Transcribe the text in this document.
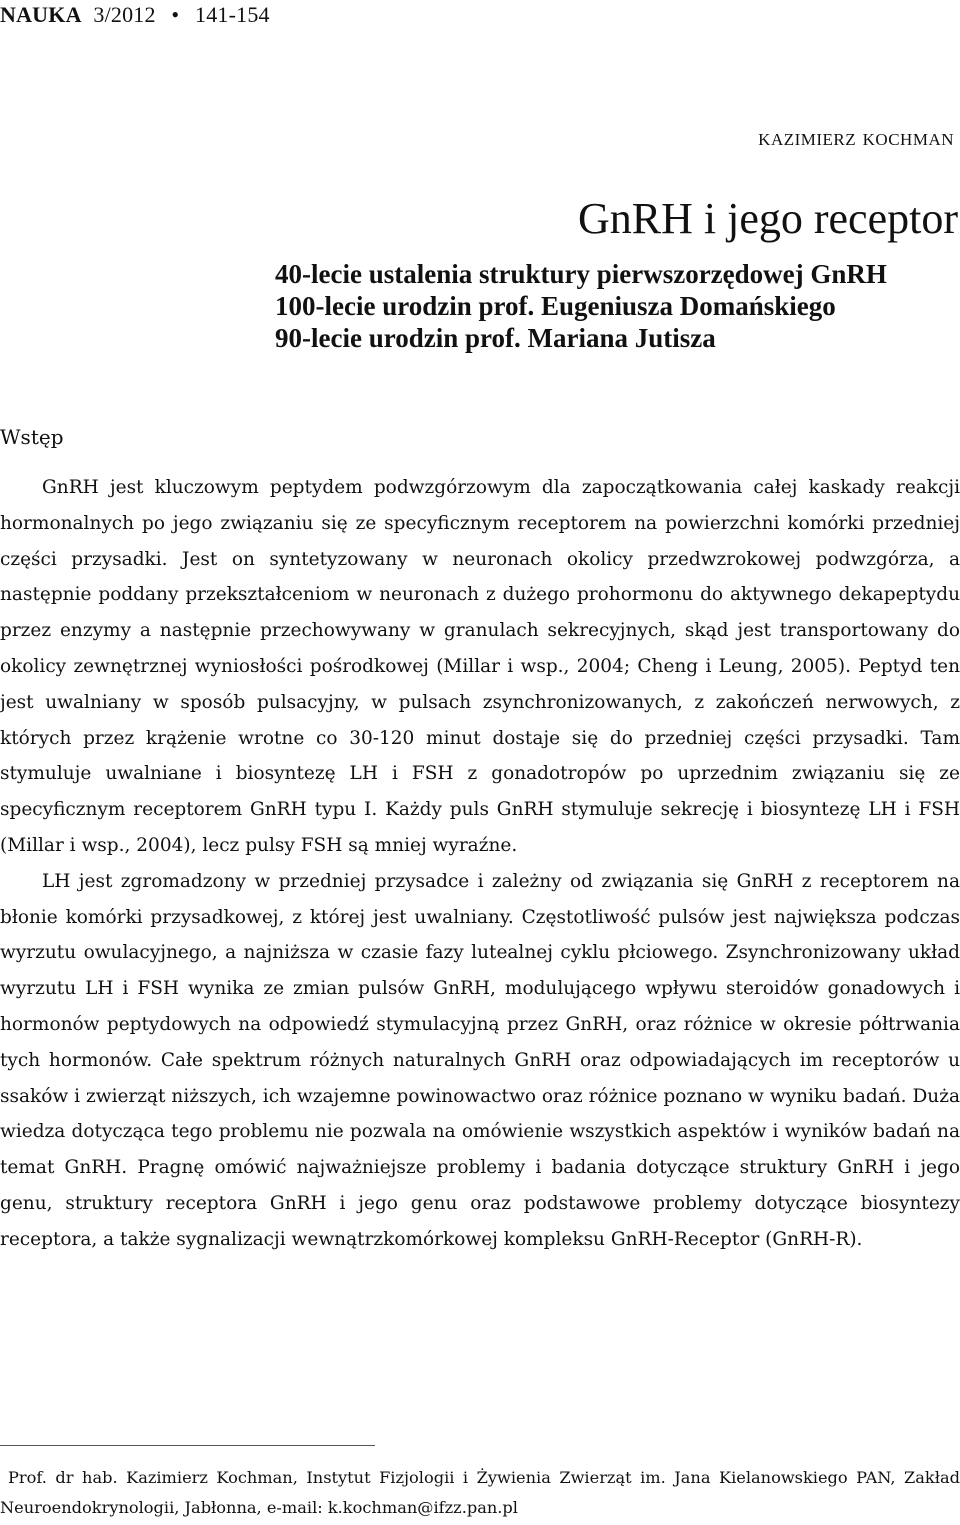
NAUKA 3/2012 • 141-154
kazimierz kochman
GnRH i jego receptor
40-lecie ustalenia struktury pierwszorzędowej GnRH
100-lecie urodzin prof. Eugeniusza Domańskiego
90-lecie urodzin prof. Mariana Jutisza
Wstęp

GnRH jest kluczowym peptydem podwzgórzowym dla zapoczątkowania całej kaskady reakcji hormonalnych po jego związaniu się ze specyficznym receptorem na powierzchni komórki przedniej części przysadki. Jest on syntetyzowany w neuronach okolicy przedwzrokowej podwzgórza, a następnie poddany przekształceniom w neuronach z dużego prohormonu do aktywnego dekapeptydu przez enzymy a następnie przechowywany w granulach sekrecyjnych, skąd jest transportowany do okolicy zewnętrznej wyniosłości pośrodkowej (Millar i wsp., 2004; Cheng i Leung, 2005). Peptyd ten jest uwalniany w sposób pulsacyjny, w pulsach zsynchronizowanych, z zakończeń nerwowych, z których przez krążenie wrotne co 30-120 minut dostaje się do przedniej części przysadki. Tam stymuluje uwalniane i biosyntezę LH i FSH z gonadotropów po uprzednim związaniu się ze specyficznym receptorem GnRH typu I. Każdy puls GnRH stymuluje sekrecję i biosyntezę LH i FSH (Millar i wsp., 2004), lecz pulsy FSH są mniej wyraźne.

LH jest zgromadzony w przedniej przysadce i zależny od związania się GnRH z receptorem na błonie komórki przysadkowej, z której jest uwalniany. Częstotliwość pulsów jest największa podczas wyrzutu owulacyjnego, a najniższa w czasie fazy lutealnej cyklu płciowego. Zsynchronizowany układ wyrzutu LH i FSH wynika ze zmian pulsów GnRH, modulującego wpływu steroidów gonadowych i hormonów peptydowych na odpowiedź stymulacyjną przez GnRH, oraz różnice w okresie półtrwania tych hormonów. Całe spektrum różnych naturalnych GnRH oraz odpowiadających im receptorów u ssaków i zwierząt niższych, ich wzajemne powinowactwo oraz różnice poznano w wyniku badań. Duża wiedza dotycząca tego problemu nie pozwala na omówienie wszystkich aspektów i wyników badań na temat GnRH. Pragnę omówić najważniejsze problemy i badania dotyczące struktury GnRH i jego genu, struktury receptora GnRH i jego genu oraz podstawowe problemy dotyczące biosyntezy receptora, a także sygnalizacji wewnątrzkomórkowej kompleksu GnRH-Receptor (GnRH-R).

Prof. dr hab. Kazimierz Kochman, Instytut Fizjologii i Żywienia Zwierząt im. Jana Kielanowskiego PAN, Zakład Neuroendokrynologii, Jabłonna, e-mail: k.kochman@ifzz.pan.pl
